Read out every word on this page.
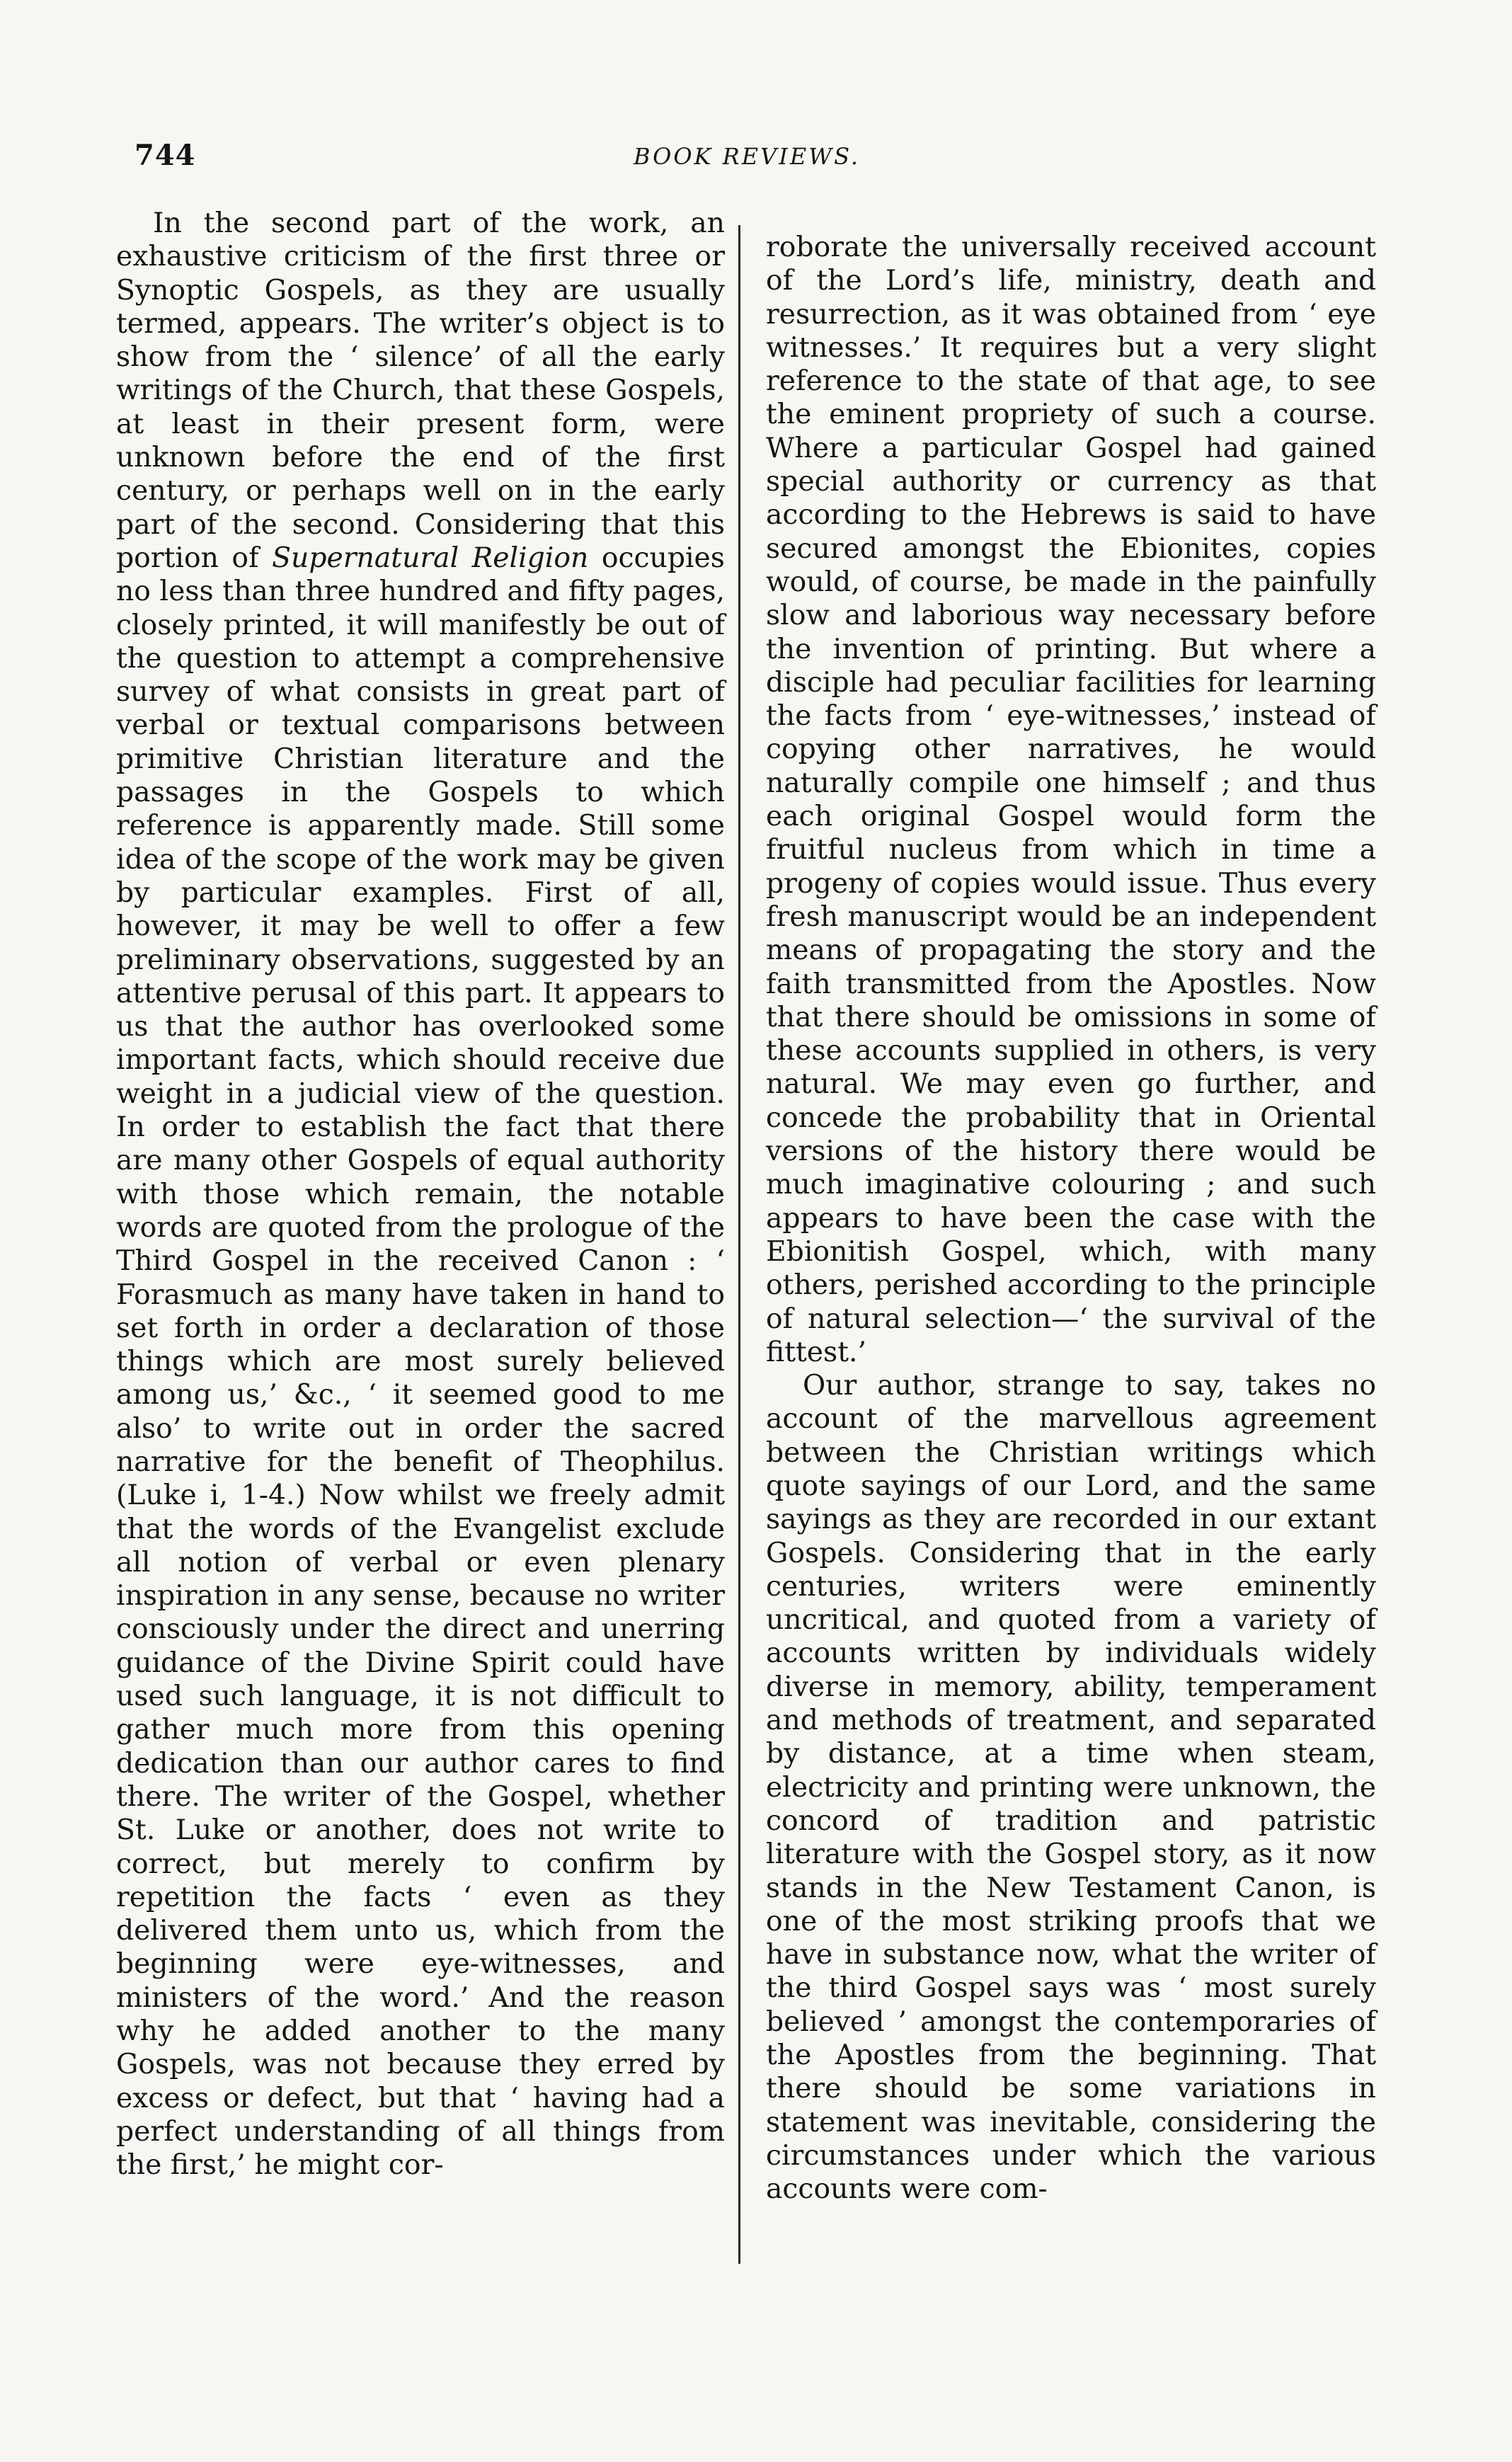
744	BOOK REVIEWS.

In the second part of the work, an exhaustive criticism of the first three or Synoptic Gospels, as they are usually termed, appears. The writer’s object is to show from the ‘ silence’ of all the early writings of the Church, that these Gospels, at least in their present form, were unknown before the end of the first century, or perhaps well on in the early part of the second. Considering that this portion of Supernatural Religion occupies no less than three hundred and fifty pages, closely printed, it will manifestly be out of the question to attempt a comprehensive survey of what consists in great part of verbal or textual comparisons between primitive Christian literature and the passages in the Gospels to which reference is apparently made. Still some idea of the scope of the work may be given by particular examples. First of all, however, it may be well to offer a few preliminary observations, suggested by an attentive perusal of this part. It appears to us that the author has overlooked some important facts, which should receive due weight in a judicial view of the question. In order to establish the fact that there are many other Gospels of equal authority with those which remain, the notable words are quoted from the prologue of the Third Gospel in the received Canon : ‘ Forasmuch as many have taken in hand to set forth in order a declaration of those things which are most surely believed among us,’ &c., ‘ it seemed good to me also’ to write out in order the sacred narrative for the benefit of Theophilus. (Luke i, 1-4.) Now whilst we freely admit that the words of the Evangelist exclude all notion of verbal or even plenary inspiration in any sense, because no writer consciously under the direct and unerring guidance of the Divine Spirit could have used such language, it is not difficult to gather much more from this opening dedication than our author cares to find there. The writer of the Gospel, whether St. Luke or another, does not write to correct, but merely to confirm by repetition the facts ‘ even as they delivered them unto us, which from the beginning were eye-witnesses, and ministers of the word.’ And the reason why he added another to the many Gospels, was not because they erred by excess or defect, but that ‘ having had a perfect understanding of all things from the first,’ he might cor-

roborate the universally received account of the Lord’s life, ministry, death and resurrection, as it was obtained from ‘ eye witnesses.’ It requires but a very slight reference to the state of that age, to see the eminent propriety of such a course. Where a particular Gospel had gained special authority or currency as that according to the Hebrews is said to have secured amongst the Ebionites, copies would, of course, be made in the painfully slow and laborious way necessary before the invention of printing. But where a disciple had peculiar facilities for learning the facts from ‘ eye-witnesses,’ instead of copying other narratives, he would naturally compile one himself ; and thus each original Gospel would form the fruitful nucleus from which in time a progeny of copies would issue. Thus every fresh manuscript would be an independent means of propagating the story and the faith transmitted from the Apostles. Now that there should be omissions in some of these accounts supplied in others, is very natural. We may even go further, and concede the probability that in Oriental versions of the history there would be much imaginative colouring ; and such appears to have been the case with the Ebionitish Gospel, which, with many others, perished according to the principle of natural selection—‘ the survival of the fittest.’

Our author, strange to say, takes no account of the marvellous agreement between the Christian writings which quote sayings of our Lord, and the same sayings as they are recorded in our extant Gospels. Considering that in the early centuries, writers were eminently uncritical, and quoted from a variety of accounts written by individuals widely diverse in memory, ability, temperament and methods of treatment, and separated by distance, at a time when steam, electricity and printing were unknown, the concord of tradition and patristic literature with the Gospel story, as it now stands in the New Testament Canon, is one of the most striking proofs that we have in substance now, what the writer of the third Gospel says was ‘ most surely believed ’ amongst the contemporaries of the Apostles from the beginning. That there should be some variations in statement was inevitable, considering the circumstances under which the various accounts were com-
